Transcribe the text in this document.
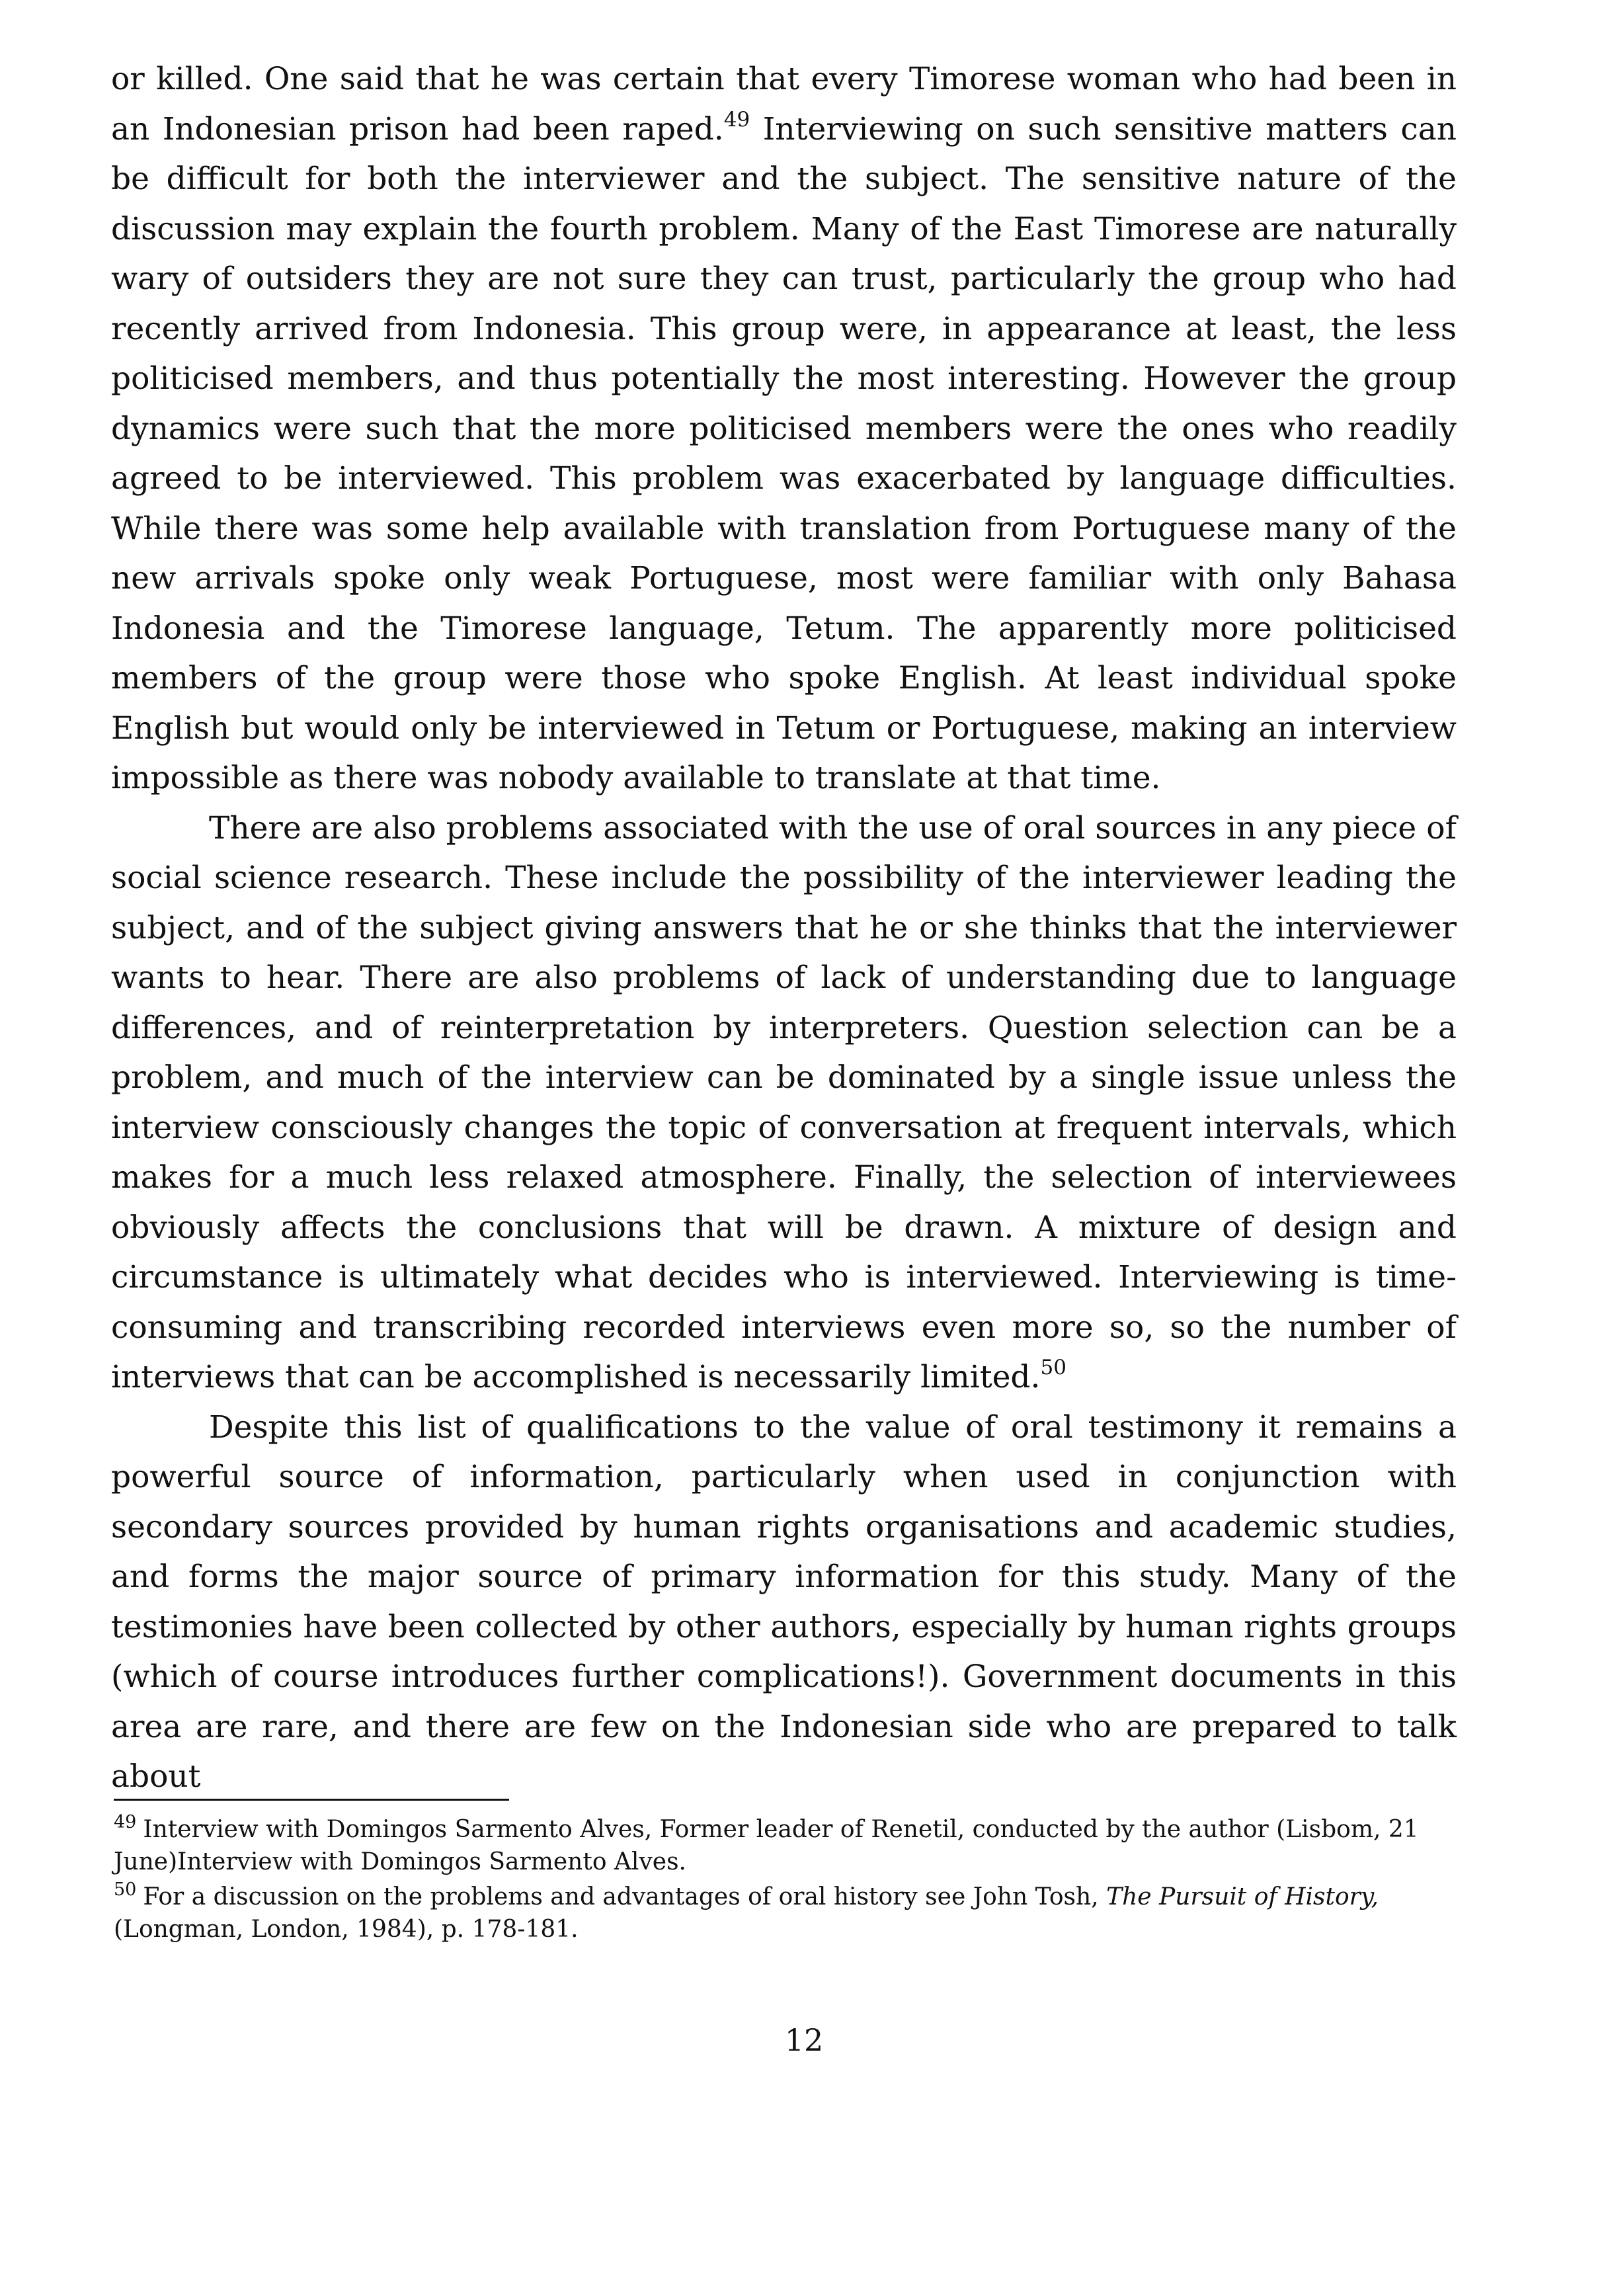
or killed. One said that he was certain that every Timorese woman who had been in an Indonesian prison had been raped.$^{49}$ Interviewing on such sensitive matters can be difficult for both the interviewer and the subject. The sensitive nature of the discussion may explain the fourth problem. Many of the East Timorese are naturally wary of outsiders they are not sure they can trust, particularly the group who had recently arrived from Indonesia. This group were, in appearance at least, the less politicised members, and thus potentially the most interesting. However the group dynamics were such that the more politicised members were the ones who readily agreed to be interviewed. This problem was exacerbated by language difficulties. While there was some help available with translation from Portuguese many of the new arrivals spoke only weak Portuguese, most were familiar with only Bahasa Indonesia and the Timorese language, Tetum. The apparently more politicised members of the group were those who spoke English. At least individual spoke English but would only be interviewed in Tetum or Portuguese, making an interview impossible as there was nobody available to translate at that time.

There are also problems associated with the use of oral sources in any piece of social science research. These include the possibility of the interviewer leading the subject, and of the subject giving answers that he or she thinks that the interviewer wants to hear. There are also problems of lack of understanding due to language differences, and of reinterpretation by interpreters. Question selection can be a problem, and much of the interview can be dominated by a single issue unless the interview consciously changes the topic of conversation at frequent intervals, which makes for a much less relaxed atmosphere. Finally, the selection of interviewees obviously affects the conclusions that will be drawn. A mixture of design and circumstance is ultimately what decides who is interviewed. Interviewing is time-consuming and transcribing recorded interviews even more so, so the number of interviews that can be accomplished is necessarily limited.$^{50}$

Despite this list of qualifications to the value of oral testimony it remains a powerful source of information, particularly when used in conjunction with secondary sources provided by human rights organisations and academic studies, and forms the major source of primary information for this study. Many of the testimonies have been collected by other authors, especially by human rights groups (which of course introduces further complications!). Government documents in this area are rare, and there are few on the Indonesian side who are prepared to talk about

$^{49}$ Interview with Domingos Sarmento Alves, Former leader of Renetil, conducted by the author (Lisbom, 21 June)Interview with Domingos Sarmento Alves.

$^{50}$ For a discussion on the problems and advantages of oral history see John Tosh, The Pursuit of History, (Longman, London, 1984), p. 178-181.

12
